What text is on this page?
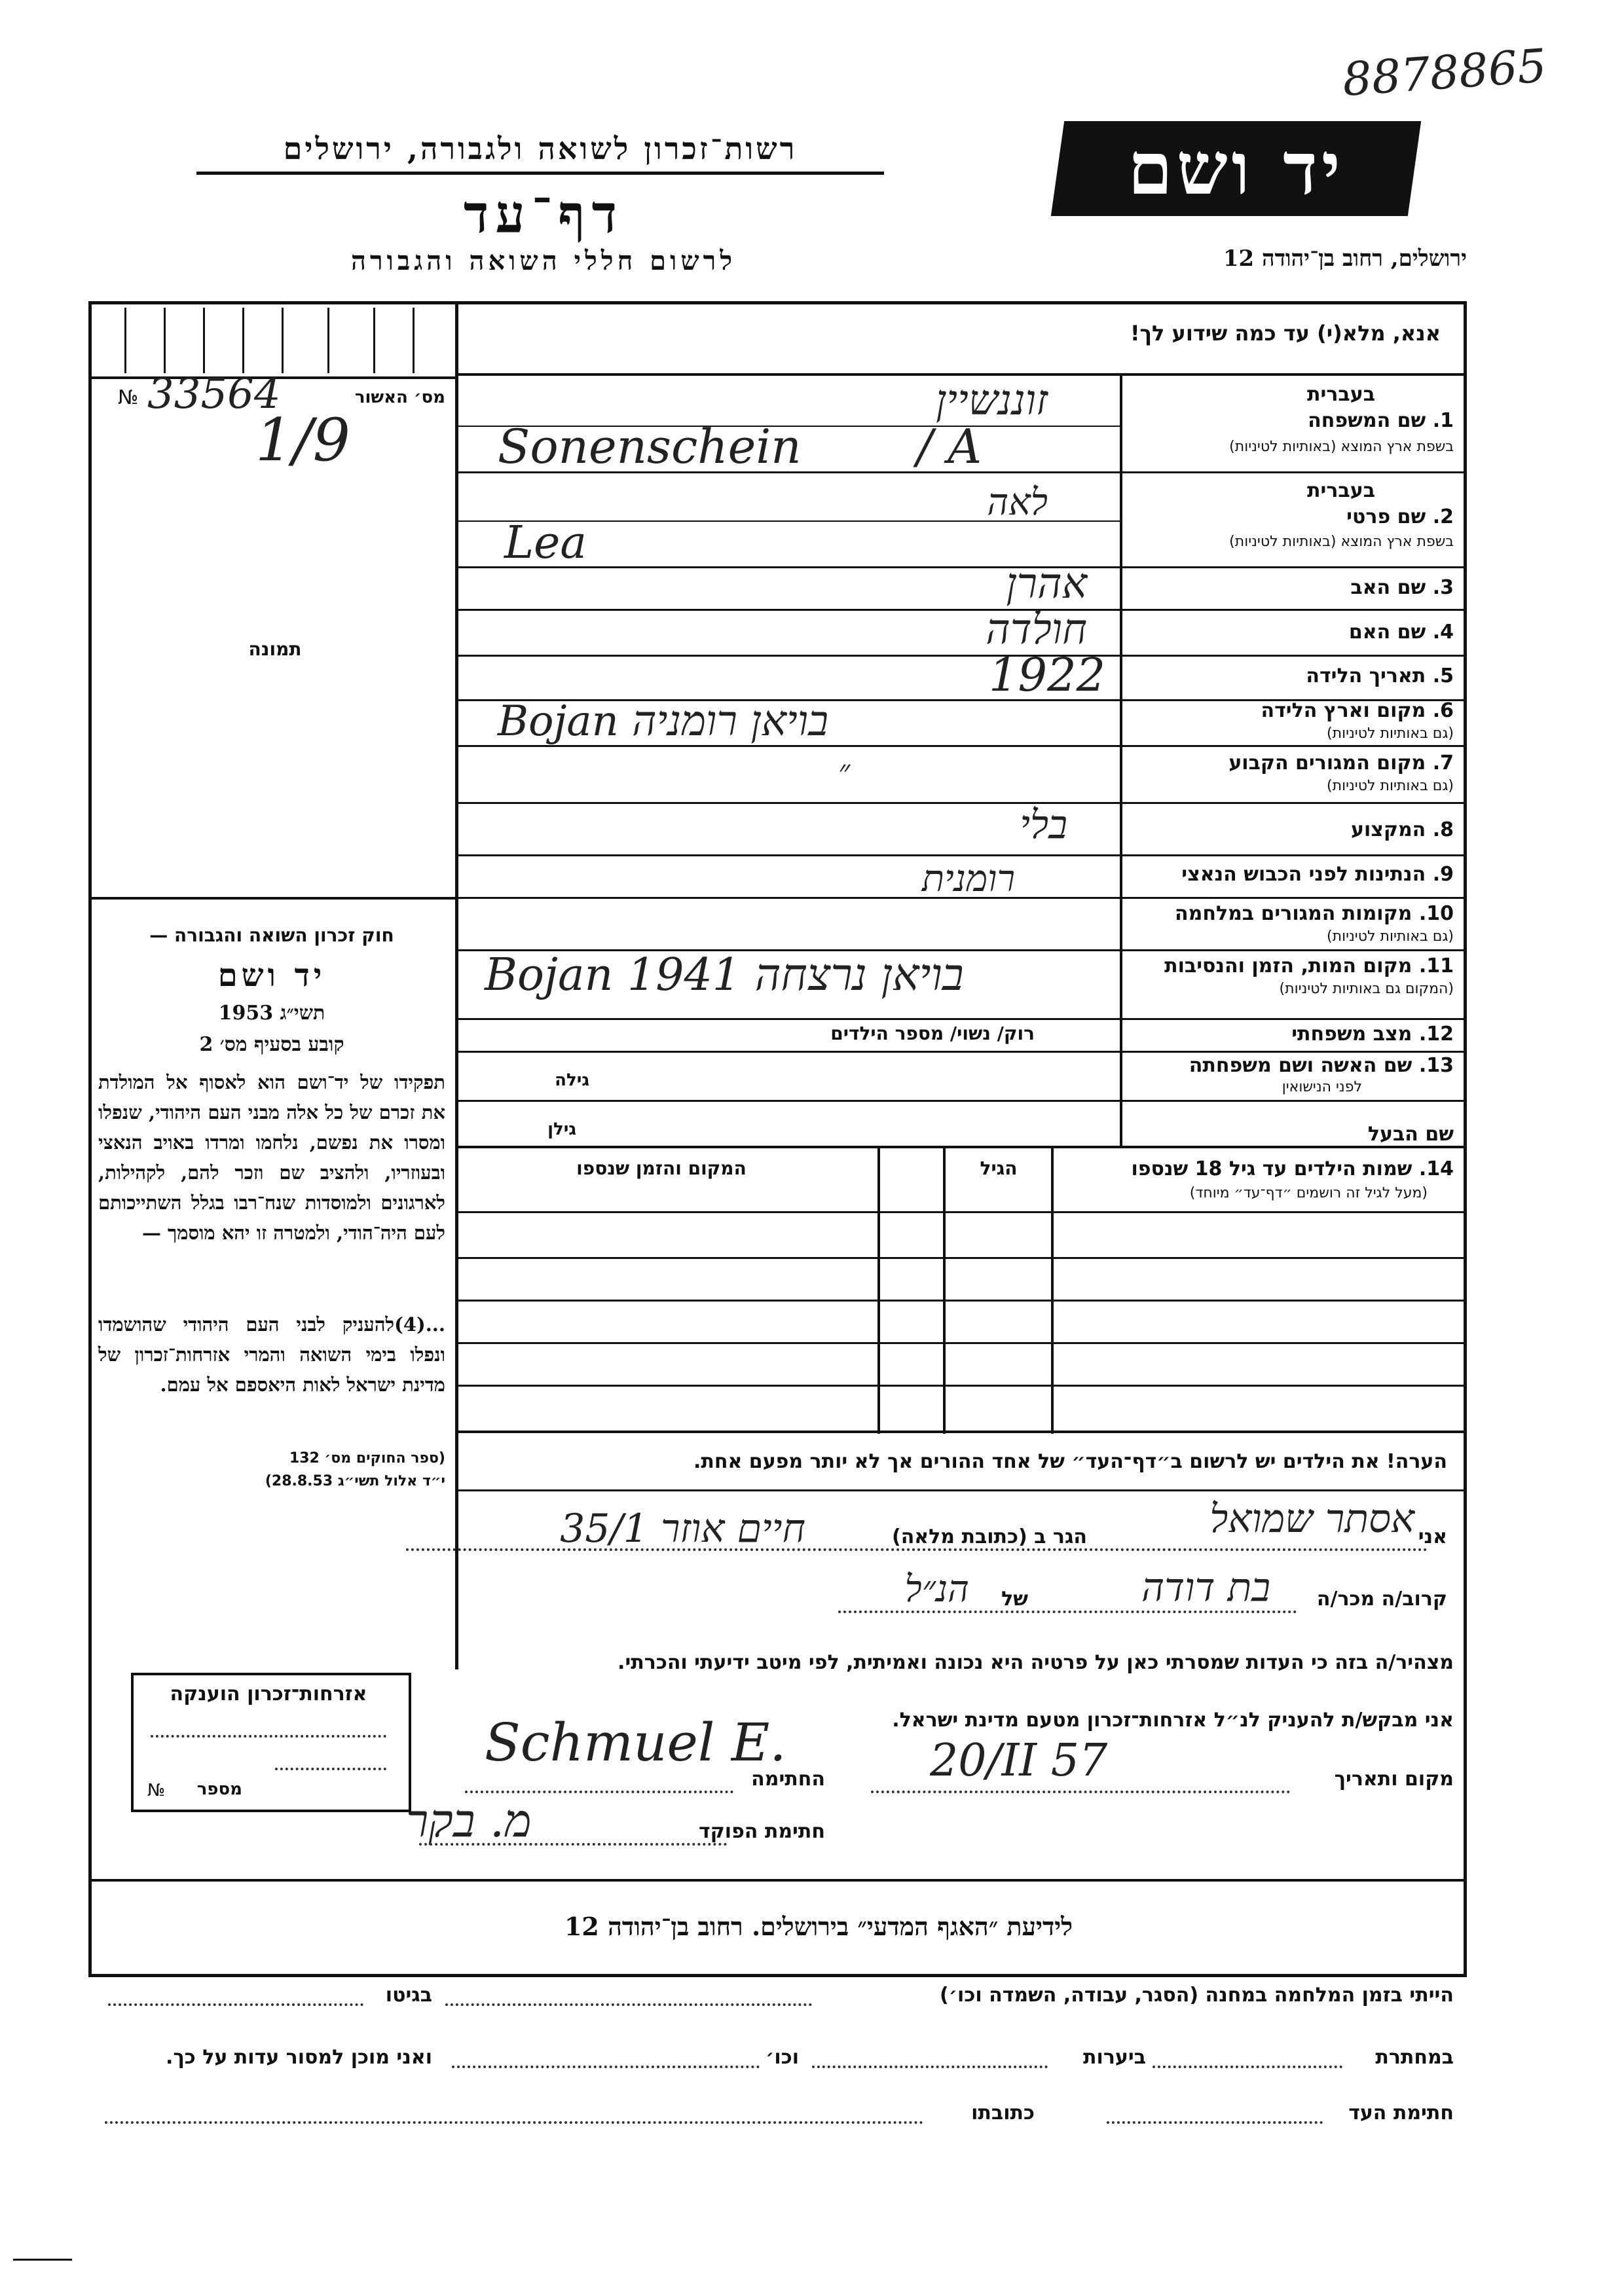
8878865
רשות־זכרון לשואה ולגבורה, ירושלים
דף־עד
לרשום חללי השואה והגבורה
יד ושם
ירושלים, רחוב בן־יהודה 12
№ 33564	מס׳ האשור
1/9
תמונה
חוק זכרון השואה והגבורה —
יד ושם
תשי״ג 1953
קובע בסעיף מס׳ 2
תפקידו של יד־ושם הוא לאסוף אל המולדת את זכרם של כל אלה מבני העם היהודי, שנפלו ומסרו את נפשם, נלחמו ומרדו באויב הנאצי ובעוזריו, ולהציב שם וזכר להם, לקהילות, לארגונים ולמוסדות שנח־רבו בגלל השתייכותם לעם היה־הודי, ולמטרה זו יהא מוסמך —
...(4)להעניק לבני העם היהודי שהושמדו ונפלו בימי השואה והמרי אזרחות־זכרון של מדינת ישראל לאות היאספם אל עמם.
(ספר החוקים מס׳ 132
י״ד אלול תשי״ג 28.8.53)
אנא, מלא(י) עד כמה שידוע לך!
1. שם המשפחה
בעברית
בשפת ארץ המוצא (באותיות לטיניות)
זוננשיין
Sonenschein / A
2. שם פרטי
בעברית
בשפת ארץ המוצא (באותיות לטיניות)
לאה
Lea
3. שם האב
אהרן
4. שם האם
חולדה
5. תאריך הלידה
1922
6. מקום וארץ הלידה
(גם באותיות לטיניות)
Bojan בויאן רומניה
7. מקום המגורים הקבוע
(גם באותיות לטיניות)
״
8. המקצוע
בלי
9. הנתינות לפני הכבוש הנאצי
רומנית
10. מקומות המגורים במלחמה
(גם באותיות לטיניות)
11. מקום המות, הזמן והנסיבות
(המקום גם באותיות לטיניות)
Bojan בויאן נרצחה 1941
12. מצב משפחתי
רוק/ נשוי/ מספר הילדים
13. שם האשה ושם משפחתה
לפני הנישואין
גילה
שם הבעל
גילן
14. שמות הילדים עד גיל 18 שנספו
(מעל לגיל זה רושמים ״דף־עד״ מיוחד)
הגיל
המקום והזמן שנספו
הערה! את הילדים יש לרשום ב״דף־העד״ של אחד ההורים אך לא יותר מפעם אחת.
אני
אסתר שמואל
הגר ב (כתובת מלאה)
חיים אוזר 35/1
קרוב/ה מכר/ה
בת דודה
של
הנ״ל
מצהיר/ה בזה כי העדות שמסרתי כאן על פרטיה היא נכונה ואמיתית, לפי מיטב ידיעתי והכרתי.
אני מבקש/ת להעניק לנ״ל אזרחות־זכרון מטעם מדינת ישראל.
מקום ותאריך
20/II 57
החתימה
Schmuel E.
חתימת הפוקד
מ. בקר
אזרחות־זכרון הוענקה
№	מספר
לידיעת ״האגף המדעי״ בירושלים. רחוב בן־יהודה 12
הייתי בזמן המלחמה במחנה (הסגר, עבודה, השמדה וכו׳)
בגיטו
במחתרת
ביערות
וכו׳
ואני מוכן למסור עדות על כך.
חתימת העד
כתובתו
